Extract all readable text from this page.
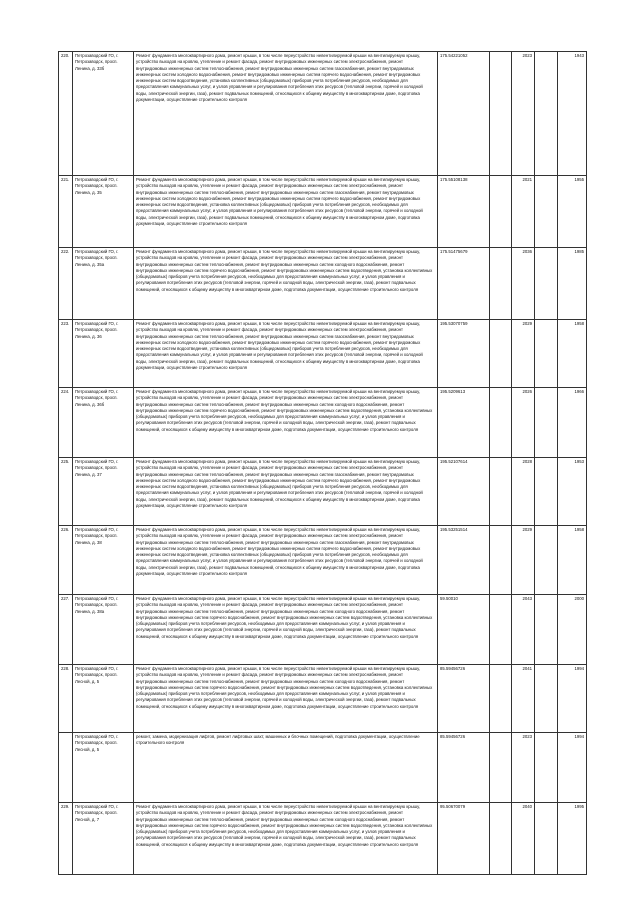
220.	Петрозаводский ГО, г. Петрозаводск, просп. Ленина, д. 33б	Ремонт фундамента многоквартирного дома, ремонт крыши, в том числе переустройство невентилируемой крыши на вентилируемую крышу, устройство выходов на кровлю, утепление и ремонт фасада, ремонт внутридомовых инженерных систем электроснабжения, ремонт внутридомовых инженерных систем теплоснабжения, ремонт внутридомовых инженерных систем газоснабжения, ремонт внутридомовых инженерных систем холодного водоснабжения, ремонт внутридомовых инженерных систем горячего водоснабжения, ремонт внутридомовых инженерных систем водоотведения, установка коллективных (общедомовых) приборов учета потребления ресурсов, необходимых для предоставления коммунальных услуг, и узлов управления и регулирования потребления этих ресурсов (тепловой энергии, горячей и холодной воды, электрической энергии, газа), ремонт подвальных помещений, относящихся к общему имуществу в многоквартирном доме, подготовка документации, осуществление строительного контроля	175.54221052		2023		1943
221.	Петрозаводский ГО, г. Петрозаводск, просп. Ленина, д. 35	Ремонт фундамента многоквартирного дома, ремонт крыши, в том числе переустройство невентилируемой крыши на вентилируемую крышу, устройство выходов на кровлю, утепление и ремонт фасада, ремонт внутридомовых инженерных систем электроснабжения, ремонт внутридомовых инженерных систем теплоснабжения, ремонт внутридомовых инженерных систем газоснабжения, ремонт внутридомовых инженерных систем холодного водоснабжения, ремонт внутридомовых инженерных систем горячего водоснабжения, ремонт внутридомовых инженерных систем водоотведения, установка коллективных (общедомовых) приборов учета потребления ресурсов, необходимых для предоставления коммунальных услуг, и узлов управления и регулирования потребления этих ресурсов (тепловой энергии, горячей и холодной воды, электрической энергии, газа), ремонт подвальных помещений, относящихся к общему имуществу в многоквартирном доме, подготовка документации, осуществление строительного контроля	175.55108138		2021		1955
222.	Петрозаводский ГО, г. Петрозаводск, просп. Ленина, д. 35а	Ремонт фундамента многоквартирного дома, ремонт крыши, в том числе переустройство невентилируемой крыши на вентилируемую крышу, устройство выходов на кровлю, утепление и ремонт фасада, ремонт внутридомовых инженерных систем электроснабжения, ремонт внутридомовых инженерных систем теплоснабжения, ремонт внутридомовых инженерных систем холодного водоснабжения, ремонт внутридомовых инженерных систем горячего водоснабжения, ремонт внутридомовых инженерных систем водоотведения, установка коллективных (общедомовых) приборов учета потребления ресурсов, необходимых для предоставления коммунальных услуг, и узлов управления и регулирования потребления этих ресурсов (тепловой энергии, горячей и холодной воды, электрической энергии, газа), ремонт подвальных помещений, относящихся к общему имуществу в многоквартирном доме, подготовка документации, осуществление строительного контроля	175.51475679		2036		1985
223.	Петрозаводский ГО, г. Петрозаводск, просп. Ленина, д. 36	Ремонт фундамента многоквартирного дома, ремонт крыши, в том числе переустройство невентилируемой крыши на вентилируемую крышу, устройство выходов на кровлю, утепление и ремонт фасада, ремонт внутридомовых инженерных систем электроснабжения, ремонт внутридомовых инженерных систем теплоснабжения, ремонт внутридомовых инженерных систем газоснабжения, ремонт внутридомовых инженерных систем холодного водоснабжения, ремонт внутридомовых инженерных систем горячего водоснабжения, ремонт внутридомовых инженерных систем водоотведения, установка коллективных (общедомовых) приборов учета потребления ресурсов, необходимых для предоставления коммунальных услуг, и узлов управления и регулирования потребления этих ресурсов (тепловой энергии, горячей и холодной воды, электрической энергии, газа), ремонт подвальных помещений, относящихся к общему имуществу в многоквартирном доме, подготовка документации, осуществление строительного контроля	195.53070759		2029		1958
224.	Петрозаводский ГО, г. Петрозаводск, просп. Ленина, д. 36б	Ремонт фундамента многоквартирного дома, ремонт крыши, в том числе переустройство невентилируемой крыши на вентилируемую крышу, устройство выходов на кровлю, утепление и ремонт фасада, ремонт внутридомовых инженерных систем электроснабжения, ремонт внутридомовых инженерных систем теплоснабжения, ремонт внутридомовых инженерных систем холодного водоснабжения, ремонт внутридомовых инженерных систем горячего водоснабжения, ремонт внутридомовых инженерных систем водоотведения, установка коллективных (общедомовых) приборов учета потребления ресурсов, необходимых для предоставления коммунальных услуг, и узлов управления и регулирования потребления этих ресурсов (тепловой энергии, горячей и холодной воды, электрической энергии, газа), ремонт подвальных помещений, относящихся к общему имуществу в многоквартирном доме, подготовка документации, осуществление строительного контроля	195.5209613		2026		1966
225.	Петрозаводский ГО, г. Петрозаводск, просп. Ленина, д. 37	Ремонт фундамента многоквартирного дома, ремонт крыши, в том числе переустройство невентилируемой крыши на вентилируемую крышу, устройство выходов на кровлю, утепление и ремонт фасада, ремонт внутридомовых инженерных систем электроснабжения, ремонт внутридомовых инженерных систем теплоснабжения, ремонт внутридомовых инженерных систем газоснабжения, ремонт внутридомовых инженерных систем холодного водоснабжения, ремонт внутридомовых инженерных систем горячего водоснабжения, ремонт внутридомовых инженерных систем водоотведения, установка коллективных (общедомовых) приборов учета потребления ресурсов, необходимых для предоставления коммунальных услуг, и узлов управления и регулирования потребления этих ресурсов (тепловой энергии, горячей и холодной воды, электрической энергии, газа), ремонт подвальных помещений, относящихся к общему имуществу в многоквартирном доме, подготовка документации, осуществление строительного контроля	195.52107614		2028		1953
226.	Петрозаводский ГО, г. Петрозаводск, просп. Ленина, д. 38	Ремонт фундамента многоквартирного дома, ремонт крыши, в том числе переустройство невентилируемой крыши на вентилируемую крышу, устройство выходов на кровлю, утепление и ремонт фасада, ремонт внутридомовых инженерных систем электроснабжения, ремонт внутридомовых инженерных систем теплоснабжения, ремонт внутридомовых инженерных систем газоснабжения, ремонт внутридомовых инженерных систем холодного водоснабжения, ремонт внутридомовых инженерных систем горячего водоснабжения, ремонт внутридомовых инженерных систем водоотведения, установка коллективных (общедомовых) приборов учета потребления ресурсов, необходимых для предоставления коммунальных услуг, и узлов управления и регулирования потребления этих ресурсов (тепловой энергии, горячей и холодной воды, электрической энергии, газа), ремонт подвальных помещений, относящихся к общему имуществу в многоквартирном доме, подготовка документации, осуществление строительного контроля	195.53251514		2029		1958
227.	Петрозаводский ГО, г. Петрозаводск, просп. Ленина, д. 38а	Ремонт фундамента многоквартирного дома, ремонт крыши, в том числе переустройство невентилируемой крыши на вентилируемую крышу, устройство выходов на кровлю, утепление и ремонт фасада, ремонт внутридомовых инженерных систем электроснабжения, ремонт внутридомовых инженерных систем теплоснабжения, ремонт внутридомовых инженерных систем холодного водоснабжения, ремонт внутридомовых инженерных систем горячего водоснабжения, ремонт внутридомовых инженерных систем водоотведения, установка коллективных (общедомовых) приборов учета потребления ресурсов, необходимых для предоставления коммунальных услуг, и узлов управления и регулирования потребления этих ресурсов (тепловой энергии, горячей и холодной воды, электрической энергии, газа), ремонт подвальных помещений, относящихся к общему имуществу в многоквартирном доме, подготовка документации, осуществление строительного контроля	59.50010		2043		2000
228.	Петрозаводский ГО, г. Петрозаводск, просп. Лесной, д. 5	Ремонт фундамента многоквартирного дома, ремонт крыши, в том числе переустройство невентилируемой крыши на вентилируемую крышу, устройство выходов на кровлю, утепление и ремонт фасада, ремонт внутридомовых инженерных систем электроснабжения, ремонт внутридомовых инженерных систем теплоснабжения, ремонт внутридомовых инженерных систем холодного водоснабжения, ремонт внутридомовых инженерных систем горячего водоснабжения, ремонт внутридомовых инженерных систем водоотведения, установка коллективных (общедомовых) приборов учета потребления ресурсов, необходимых для предоставления коммунальных услуг, и узлов управления и регулирования потребления этих ресурсов (тепловой энергии, горячей и холодной воды, электрической энергии, газа), ремонт подвальных помещений, относящихся к общему имуществу в многоквартирном доме, подготовка документации, осуществление строительного контроля	85.59456726		2041		1994
	Петрозаводский ГО, г. Петрозаводск, просп. Лесной, д. 5	ремонт, замена, модернизация лифтов, ремонт лифтовых шахт, машинных и блочных помещений, подготовка документации, осуществление строительного контроля	85.59456726		2023		1994
229.	Петрозаводский ГО, г. Петрозаводск, просп. Лесной, д. 7	Ремонт фундамента многоквартирного дома, ремонт крыши, в том числе переустройство невентилируемой крыши на вентилируемую крышу, устройство выходов на кровлю, утепление и ремонт фасада, ремонт внутридомовых инженерных систем электроснабжения, ремонт внутридомовых инженерных систем теплоснабжения, ремонт внутридомовых инженерных систем холодного водоснабжения, ремонт внутридомовых инженерных систем горячего водоснабжения, ремонт внутридомовых инженерных систем водоотведения, установка коллективных (общедомовых) приборов учета потребления ресурсов, необходимых для предоставления коммунальных услуг, и узлов управления и регулирования потребления этих ресурсов (тепловой энергии, горячей и холодной воды, электрической энергии, газа), ремонт подвальных помещений, относящихся к общему имуществу в многоквартирном доме, подготовка документации, осуществление строительного контроля	95.50670079		2040		1995
